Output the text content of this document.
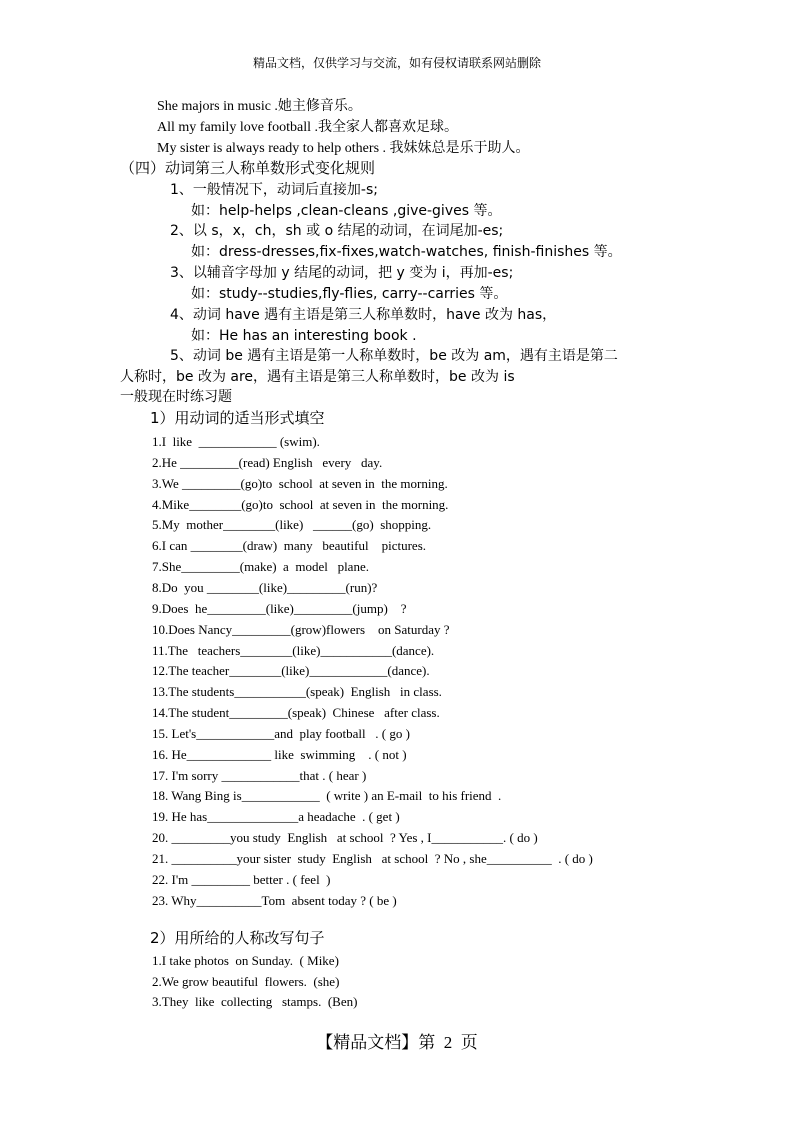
精品文档，仅供学习与交流，如有侵权请联系网站删除
She majors in music .她主修音乐。
All my family love football .我全家人都喜欢足球。
My sister is always ready to help others . 我妹妹总是乐于助人。
（四）动词第三人称单数形式变化规则
1、一般情况下，动词后直接加-s;
如：help-helps ,clean-cleans ,give-gives 等。
2、以 s，x，ch，sh 或 o 结尾的动词，在词尾加-es;
如：dress-dresses,fix-fixes,watch-watches, finish-finishes 等。
3、以辅音字母加 y 结尾的动词，把 y 变为 i，再加-es;
如：study--studies,fly-flies, carry--carries 等。
4、动词 have 遇有主语是第三人称单数时，have 改为 has，
如：He has an interesting book .
5、动词 be 遇有主语是第一人称单数时，be 改为 am，遇有主语是第二
人称时，be 改为 are，遇有主语是第三人称单数时，be 改为 is
一般现在时练习题
1）用动词的适当形式填空
1.I  like  ____________ (swim).
2.He _________(read) English   every   day.
3.We _________(go)to  school  at seven in  the morning.
4.Mike________(go)to  school  at seven in  the morning.
5.My  mother________(like)   ______(go)  shopping.
6.I can ________(draw)  many   beautiful    pictures.
7.She_________(make)  a  model   plane.
8.Do  you ________(like)_________(run)?
9.Does  he_________(like)_________(jump)    ?
10.Does Nancy_________(grow)flowers    on Saturday ?
11.The   teachers________(like)___________(dance).
12.The teacher________(like)____________(dance).
13.The students___________(speak)  English   in class.
14.The student_________(speak)  Chinese   after class.
15. Let's____________and  play football   . ( go )
16. He_____________ like  swimming    . ( not )
17. I'm sorry ____________that . ( hear )
18. Wang Bing is____________  ( write ) an E-mail  to his friend  .
19. He has______________a headache  . ( get )
20. _________you study  English   at school  ? Yes , I___________. ( do )
21. __________your sister  study  English   at school  ? No , she__________  . ( do )
22. I'm _________ better . ( feel  )
23. Why__________Tom  absent today ? ( be )
2）用所给的人称改写句子
1.I take photos  on Sunday.  ( Mike)
2.We grow beautiful  flowers.  (she)
3.They  like  collecting   stamps.  (Ben)
【精品文档】第  2  页
